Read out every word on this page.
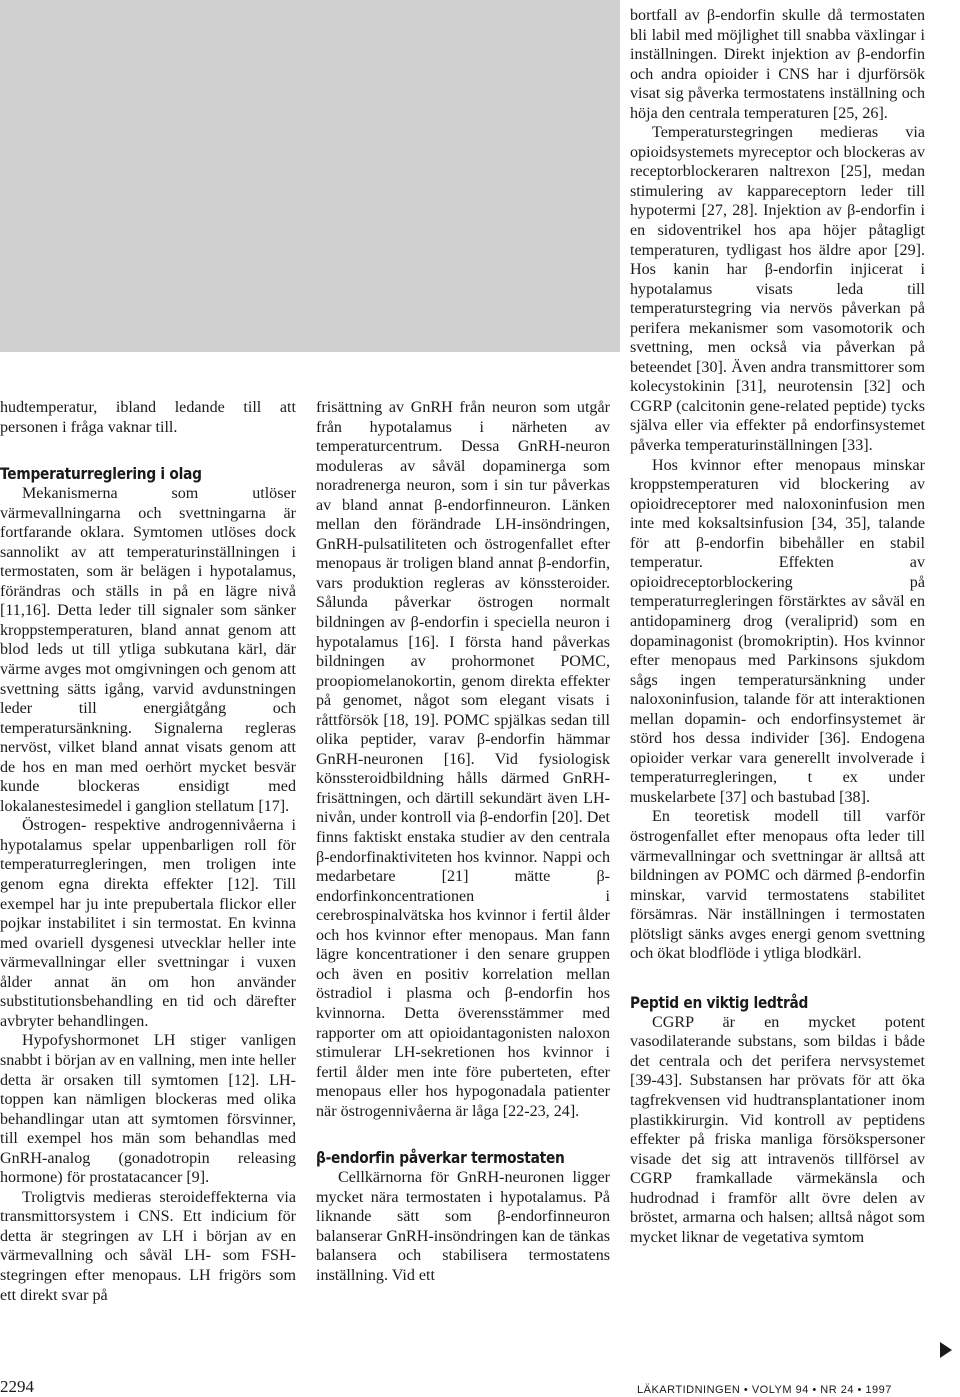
hudtemperatur, ibland ledande till att personen i fråga vaknar till.

Temperaturreglering i olag

Mekanismerna som utlöser värmevallningarna och svettningarna är fortfarande oklara. Symtomen utlöses dock sannolikt av att temperaturinställningen i termostaten, som är belägen i hypotalamus, förändras och ställs in på en lägre nivå [11,16]. Detta leder till signaler som sänker kroppstemperaturen, bland annat genom att blod leds ut till ytliga subkutana kärl, där värme avges mot omgivningen och genom att svettning sätts igång, varvid avdunstningen leder till energiåtgång och temperatursänkning. Signalerna regleras nervöst, vilket bland annat visats genom att de hos en man med oerhört mycket besvär kunde blockeras ensidigt med lokalanestesimedel i ganglion stellatum [17].

Östrogen- respektive androgennivåerna i hypotalamus spelar uppenbarligen roll för temperaturregleringen, men troligen inte genom egna direkta effekter [12]. Till exempel har ju inte prepubertala flickor eller pojkar instabilitet i sin termostat. En kvinna med ovariell dysgenesi utvecklar heller inte värmevallningar eller svettningar i vuxen ålder annat än om hon använder substitutionsbehandling en tid och därefter avbryter behandlingen.

Hypofyshormonet LH stiger vanligen snabbt i början av en vallning, men inte heller detta är orsaken till symtomen [12]. LH-toppen kan nämligen blockeras med olika behandlingar utan att symtomen försvinner, till exempel hos män som behandlas med GnRH-analog (gonadotropin releasing hormone) för prostatacancer [9].

Troligtvis medieras steroideffekterna via transmittorsystem i CNS. Ett indicium för detta är stegringen av LH i början av en värmevallning och såväl LH- som FSH-stegringen efter menopaus. LH frigörs som ett direkt svar på

frisättning av GnRH från neuron som utgår från hypotalamus i närheten av temperaturcentrum. Dessa GnRH-neuron moduleras av såväl dopaminerga som noradrenerga neuron, som i sin tur påverkas av bland annat β-endorfinneuron. Länken mellan den förändrade LH-insöndringen, GnRH-pulsatiliteten och östrogenfallet efter menopaus är troligen bland annat β-endorfin, vars produktion regleras av könssteroider. Sålunda påverkar östrogen normalt bildningen av β-endorfin i speciella neuron i hypotalamus [16]. I första hand påverkas bildningen av prohormonet POMC, proopiomelanokortin, genom direkta effekter på genomet, något som elegant visats i råttförsök [18, 19]. POMC spjälkas sedan till olika peptider, varav β-endorfin hämmar GnRH-neuronen [16]. Vid fysiologisk könssteroidbildning hålls därmed GnRH-frisättningen, och därtill sekundärt även LH-nivån, under kontroll via β-endorfin [20]. Det finns faktiskt enstaka studier av den centrala β-endorfinaktiviteten hos kvinnor. Nappi och medarbetare [21] mätte β-endorfinkoncentrationen i cerebrospinalvätska hos kvinnor i fertil ålder och hos kvinnor efter menopaus. Man fann lägre koncentrationer i den senare gruppen och även en positiv korrelation mellan östradiol i plasma och β-endorfin hos kvinnorna. Detta överensstämmer med rapporter om att opioidantagonisten naloxon stimulerar LH-sekretionen hos kvinnor i fertil ålder men inte före puberteten, efter menopaus eller hos hypogonadala patienter när östrogennivåerna är låga [22-23, 24].

β-endorfin påverkar termostaten

Cellkärnorna för GnRH-neuronen ligger mycket nära termostaten i hypotalamus. På liknande sätt som β-endorfinneuron balanserar GnRH-insöndringen kan de tänkas balansera och stabilisera termostatens inställning. Vid ett

bortfall av β-endorfin skulle då termostaten bli labil med möjlighet till snabba växlingar i inställningen. Direkt injektion av β-endorfin och andra opioider i CNS har i djurförsök visat sig påverka termostatens inställning och höja den centrala temperaturen [25, 26].

Temperaturstegringen medieras via opioidsystemets myreceptor och blockeras av receptorblockeraren naltrexon [25], medan stimulering av kappareceptorn leder till hypotermi [27, 28]. Injektion av β-endorfin i en sidoventrikel hos apa höjer påtagligt temperaturen, tydligast hos äldre apor [29]. Hos kanin har β-endorfin injicerat i hypotalamus visats leda till temperaturstegring via nervös påverkan på perifera mekanismer som vasomotorik och svettning, men också via påverkan på beteendet [30]. Även andra transmittorer som kolecystokinin [31], neurotensin [32] och CGRP (calcitonin gene-related peptide) tycks själva eller via effekter på endorfinsystemet påverka temperaturinställningen [33].

Hos kvinnor efter menopaus minskar kroppstemperaturen vid blockering av opioidreceptorer med naloxoninfusion men inte med koksaltsinfusion [34, 35], talande för att β-endorfin bibehåller en stabil temperatur. Effekten av opioidreceptorblockering på temperaturregleringen förstärktes av såväl en antidopaminerg drog (veraliprid) som en dopaminagonist (bromokriptin). Hos kvinnor efter menopaus med Parkinsons sjukdom sågs ingen temperatursänkning under naloxoninfusion, talande för att interaktionen mellan dopamin- och endorfinsystemet är störd hos dessa individer [36]. Endogena opioider verkar vara generellt involverade i temperaturregleringen, t ex under muskelarbete [37] och bastubad [38].

En teoretisk modell till varför östrogenfallet efter menopaus ofta leder till värmevallningar och svettningar är alltså att bildningen av POMC och därmed β-endorfin minskar, varvid termostatens stabilitet försämras. När inställningen i termostaten plötsligt sänks avges energi genom svettning och ökat blodflöde i ytliga blodkärl.

Peptid en viktig ledtråd

CGRP är en mycket potent vasodilaterande substans, som bildas i både det centrala och det perifera nervsystemet [39-43]. Substansen har prövats för att öka tagfrekvensen vid hudtransplantationer inom plastikkirurgin. Vid kontroll av peptidens effekter på friska manliga försökspersoner visade det sig att intravenös tillförsel av CGRP framkallade värmekänsla och hudrodnad i framför allt övre delen av bröstet, armarna och halsen; alltså något som mycket liknar de vegetativa symtom

2294	LÄKARTIDNINGEN • VOLYM 94 • NR 24 • 1997
